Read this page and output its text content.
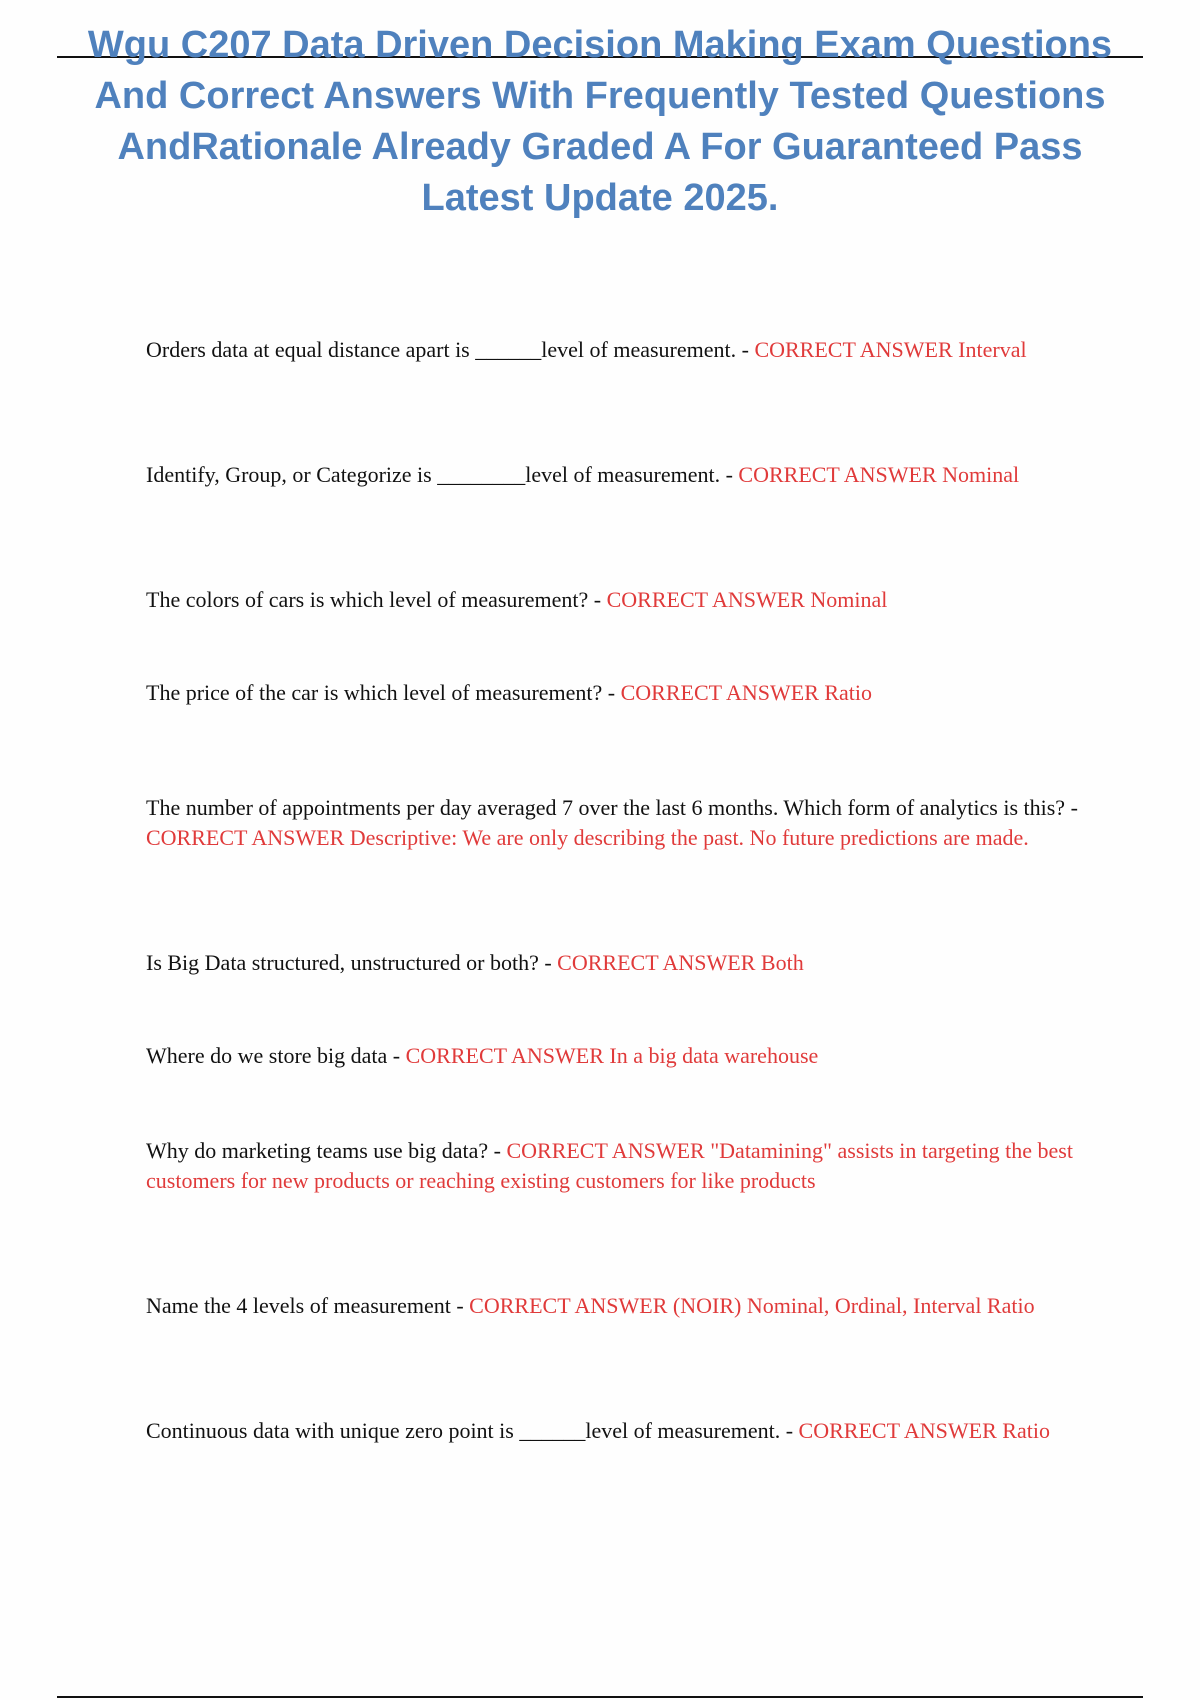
Wgu C207 Data Driven Decision Making Exam Questions And Correct Answers With Frequently Tested Questions AndRationale Already Graded A For Guaranteed Pass Latest Update 2025.

Orders data at equal distance apart is ______level of measurement. - CORRECT ANSWER Interval

Identify, Group, or Categorize is ________level of measurement. - CORRECT ANSWER Nominal

The colors of cars is which level of measurement? - CORRECT ANSWER Nominal

The price of the car is which level of measurement? - CORRECT ANSWER Ratio

The number of appointments per day averaged 7 over the last 6 months. Which form of analytics is this? - CORRECT ANSWER Descriptive: We are only describing the past. No future predictions are made.

Is Big Data structured, unstructured or both? - CORRECT ANSWER Both

Where do we store big data - CORRECT ANSWER In a big data warehouse

Why do marketing teams use big data? - CORRECT ANSWER "Datamining" assists in targeting the best customers for new products or reaching existing customers for like products

Name the 4 levels of measurement - CORRECT ANSWER (NOIR) Nominal, Ordinal, Interval Ratio

Continuous data with unique zero point is ______level of measurement. - CORRECT ANSWER Ratio
